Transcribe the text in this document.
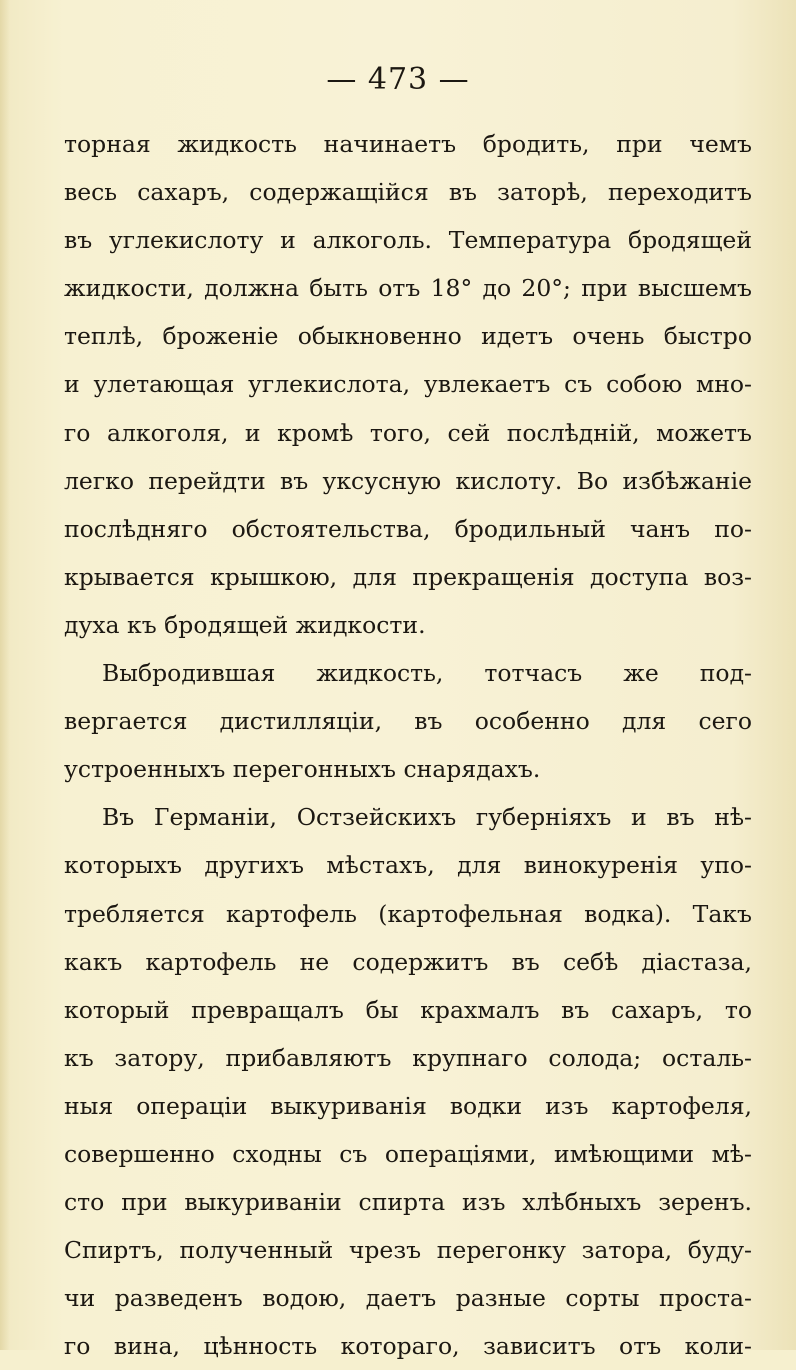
— 473 —
торная жидкость начинаетъ бродить, при чемъ
весь сахаръ, содержащійся въ заторѣ, переходитъ
въ углекислоту и алкоголь. Температура бродящей
жидкости, должна быть отъ 18° до 20°; при высшемъ
теплѣ, броженіе обыкновенно идетъ очень быстро
и улетающая углекислота, увлекаетъ съ собою мно-
го алкоголя, и кромѣ того, сей послѣдній, можетъ
легко перейдти въ уксусную кислоту. Во избѣжаніе
послѣдняго обстоятельства, бродильный чанъ по-
крывается крышкою, для прекращенія доступа воз-
духа къ бродящей жидкости.
Выбродившая жидкость, тотчасъ же под-
вергается дистилляціи, въ особенно для сего
устроенныхъ перегонныхъ снарядахъ.
Въ Германіи, Остзейскихъ губерніяхъ и въ нѣ-
которыхъ другихъ мѣстахъ, для винокуренія упо-
требляется картофель (картофельная водка). Такъ
какъ картофель не содержитъ въ себѣ діастаза,
который превращалъ бы крахмалъ въ сахаръ, то
къ затору, прибавляютъ крупнаго солода; осталь-
ныя операціи выкуриванія водки изъ картофеля,
совершенно сходны съ операціями, имѣющими мѣ-
сто при выкуриваніи спирта изъ хлѣбныхъ зеренъ.
Спиртъ, полученный чрезъ перегонку затора, буду-
чи разведенъ водою, даетъ разные сорты проста-
го вина, цѣнность котораго, зависитъ отъ коли-
